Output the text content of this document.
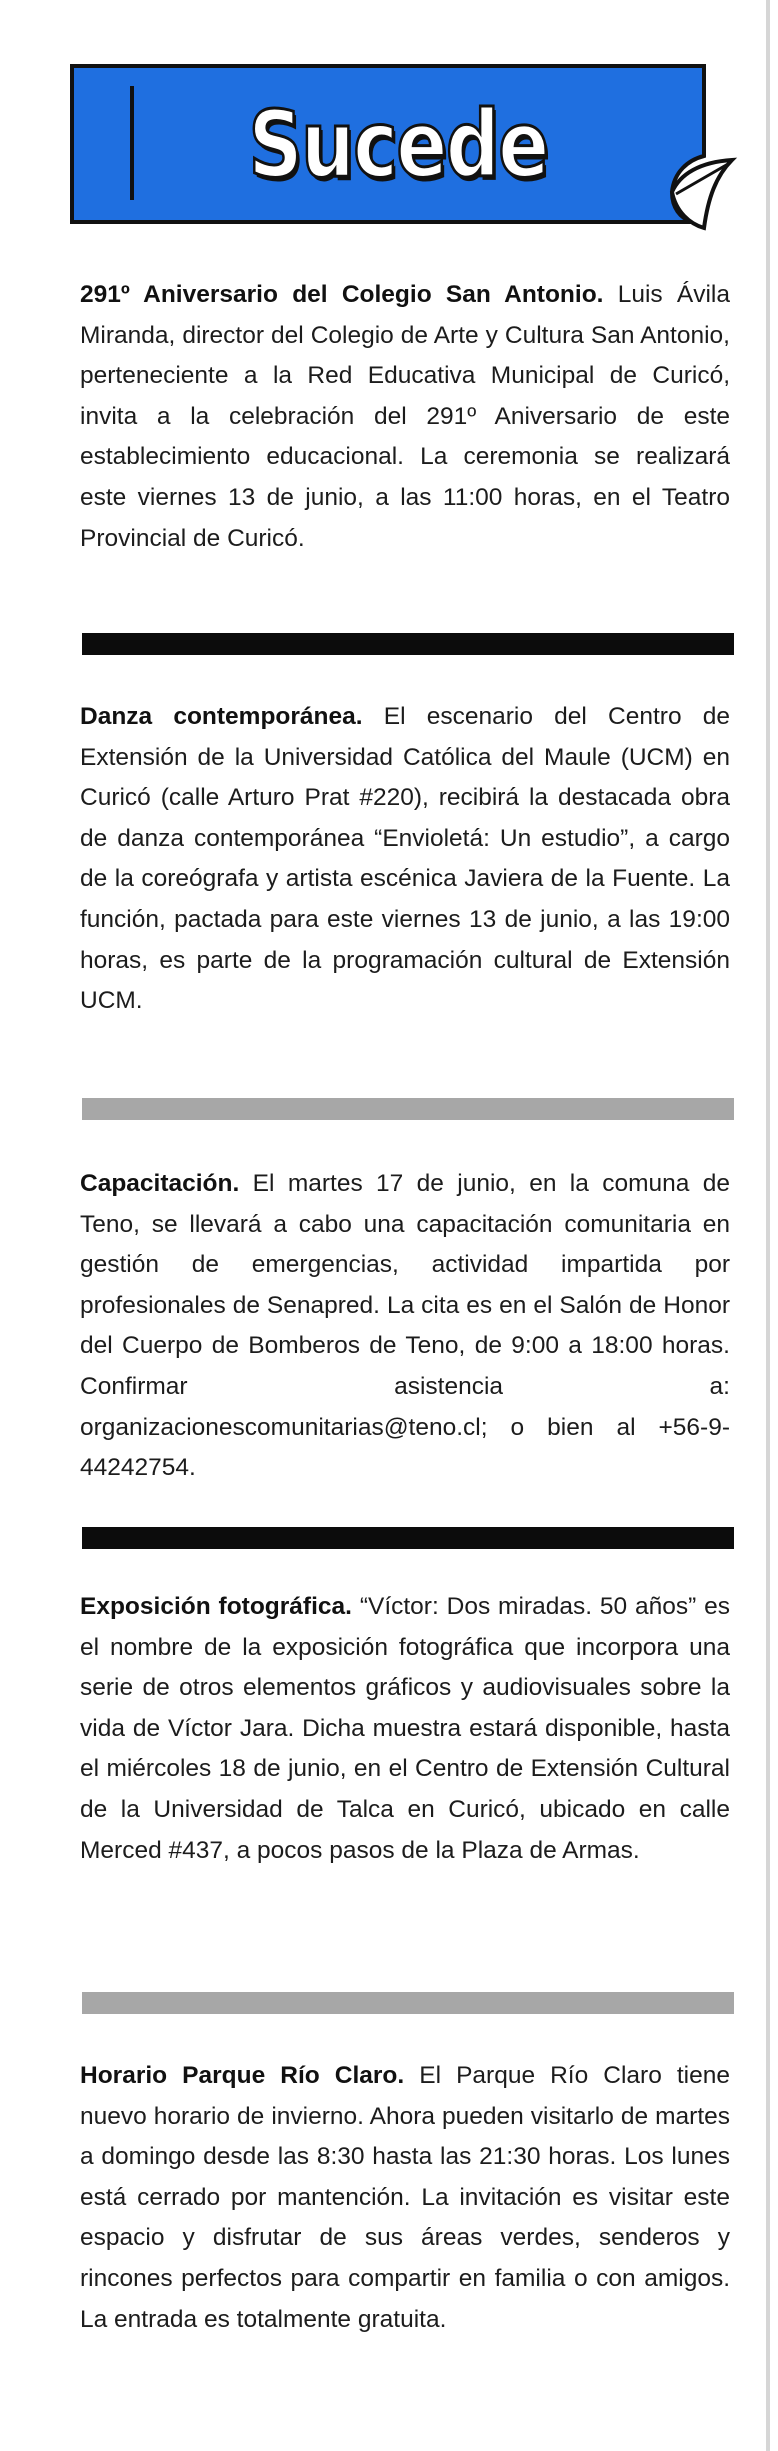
Sucede

291º Aniversario del Colegio San Antonio. Luis Ávila Miranda, director del Colegio de Arte y Cultura San Antonio, perteneciente a la Red Educativa Municipal de Curicó, invita a la celebración del 291º Aniversario de este establecimiento educacional. La ceremonia se realizará este viernes 13 de junio, a las 11:00 horas, en el Teatro Provincial de Curicó.

Danza contemporánea. El escenario del Centro de Extensión de la Universidad Católica del Maule (UCM) en Curicó (calle Arturo Prat #220), recibirá la destacada obra de danza contemporánea “Envioletá: Un estudio”, a cargo de la coreógrafa y artista escénica Javiera de la Fuente. La función, pactada para este viernes 13 de junio, a las 19:00 horas, es parte de la programación cultural de Extensión UCM.

Capacitación. El martes 17 de junio, en la comuna de Teno, se llevará a cabo una capacitación comunitaria en gestión de emergencias, actividad impartida por profesionales de Senapred. La cita es en el Salón de Honor del Cuerpo de Bomberos de Teno, de 9:00 a 18:00 horas. Confirmar asistencia a: organizacionescomunitarias@teno.cl; o bien al +56-9-44242754.

Exposición fotográfica. “Víctor: Dos miradas. 50 años” es el nombre de la exposición fotográfica que incorpora una serie de otros elementos gráficos y audiovisuales sobre la vida de Víctor Jara. Dicha muestra estará disponible, hasta el miércoles 18 de junio, en el Centro de Extensión Cultural de la Universidad de Talca en Curicó, ubicado en calle Merced #437, a pocos pasos de la Plaza de Armas.

Horario Parque Río Claro. El Parque Río Claro tiene nuevo horario de invierno. Ahora pueden visitarlo de martes a domingo desde las 8:30 hasta las 21:30 horas. Los lunes está cerrado por mantención. La invitación es visitar este espacio y disfrutar de sus áreas verdes, senderos y rincones perfectos para compartir en familia o con amigos. La entrada es totalmente gratuita.
